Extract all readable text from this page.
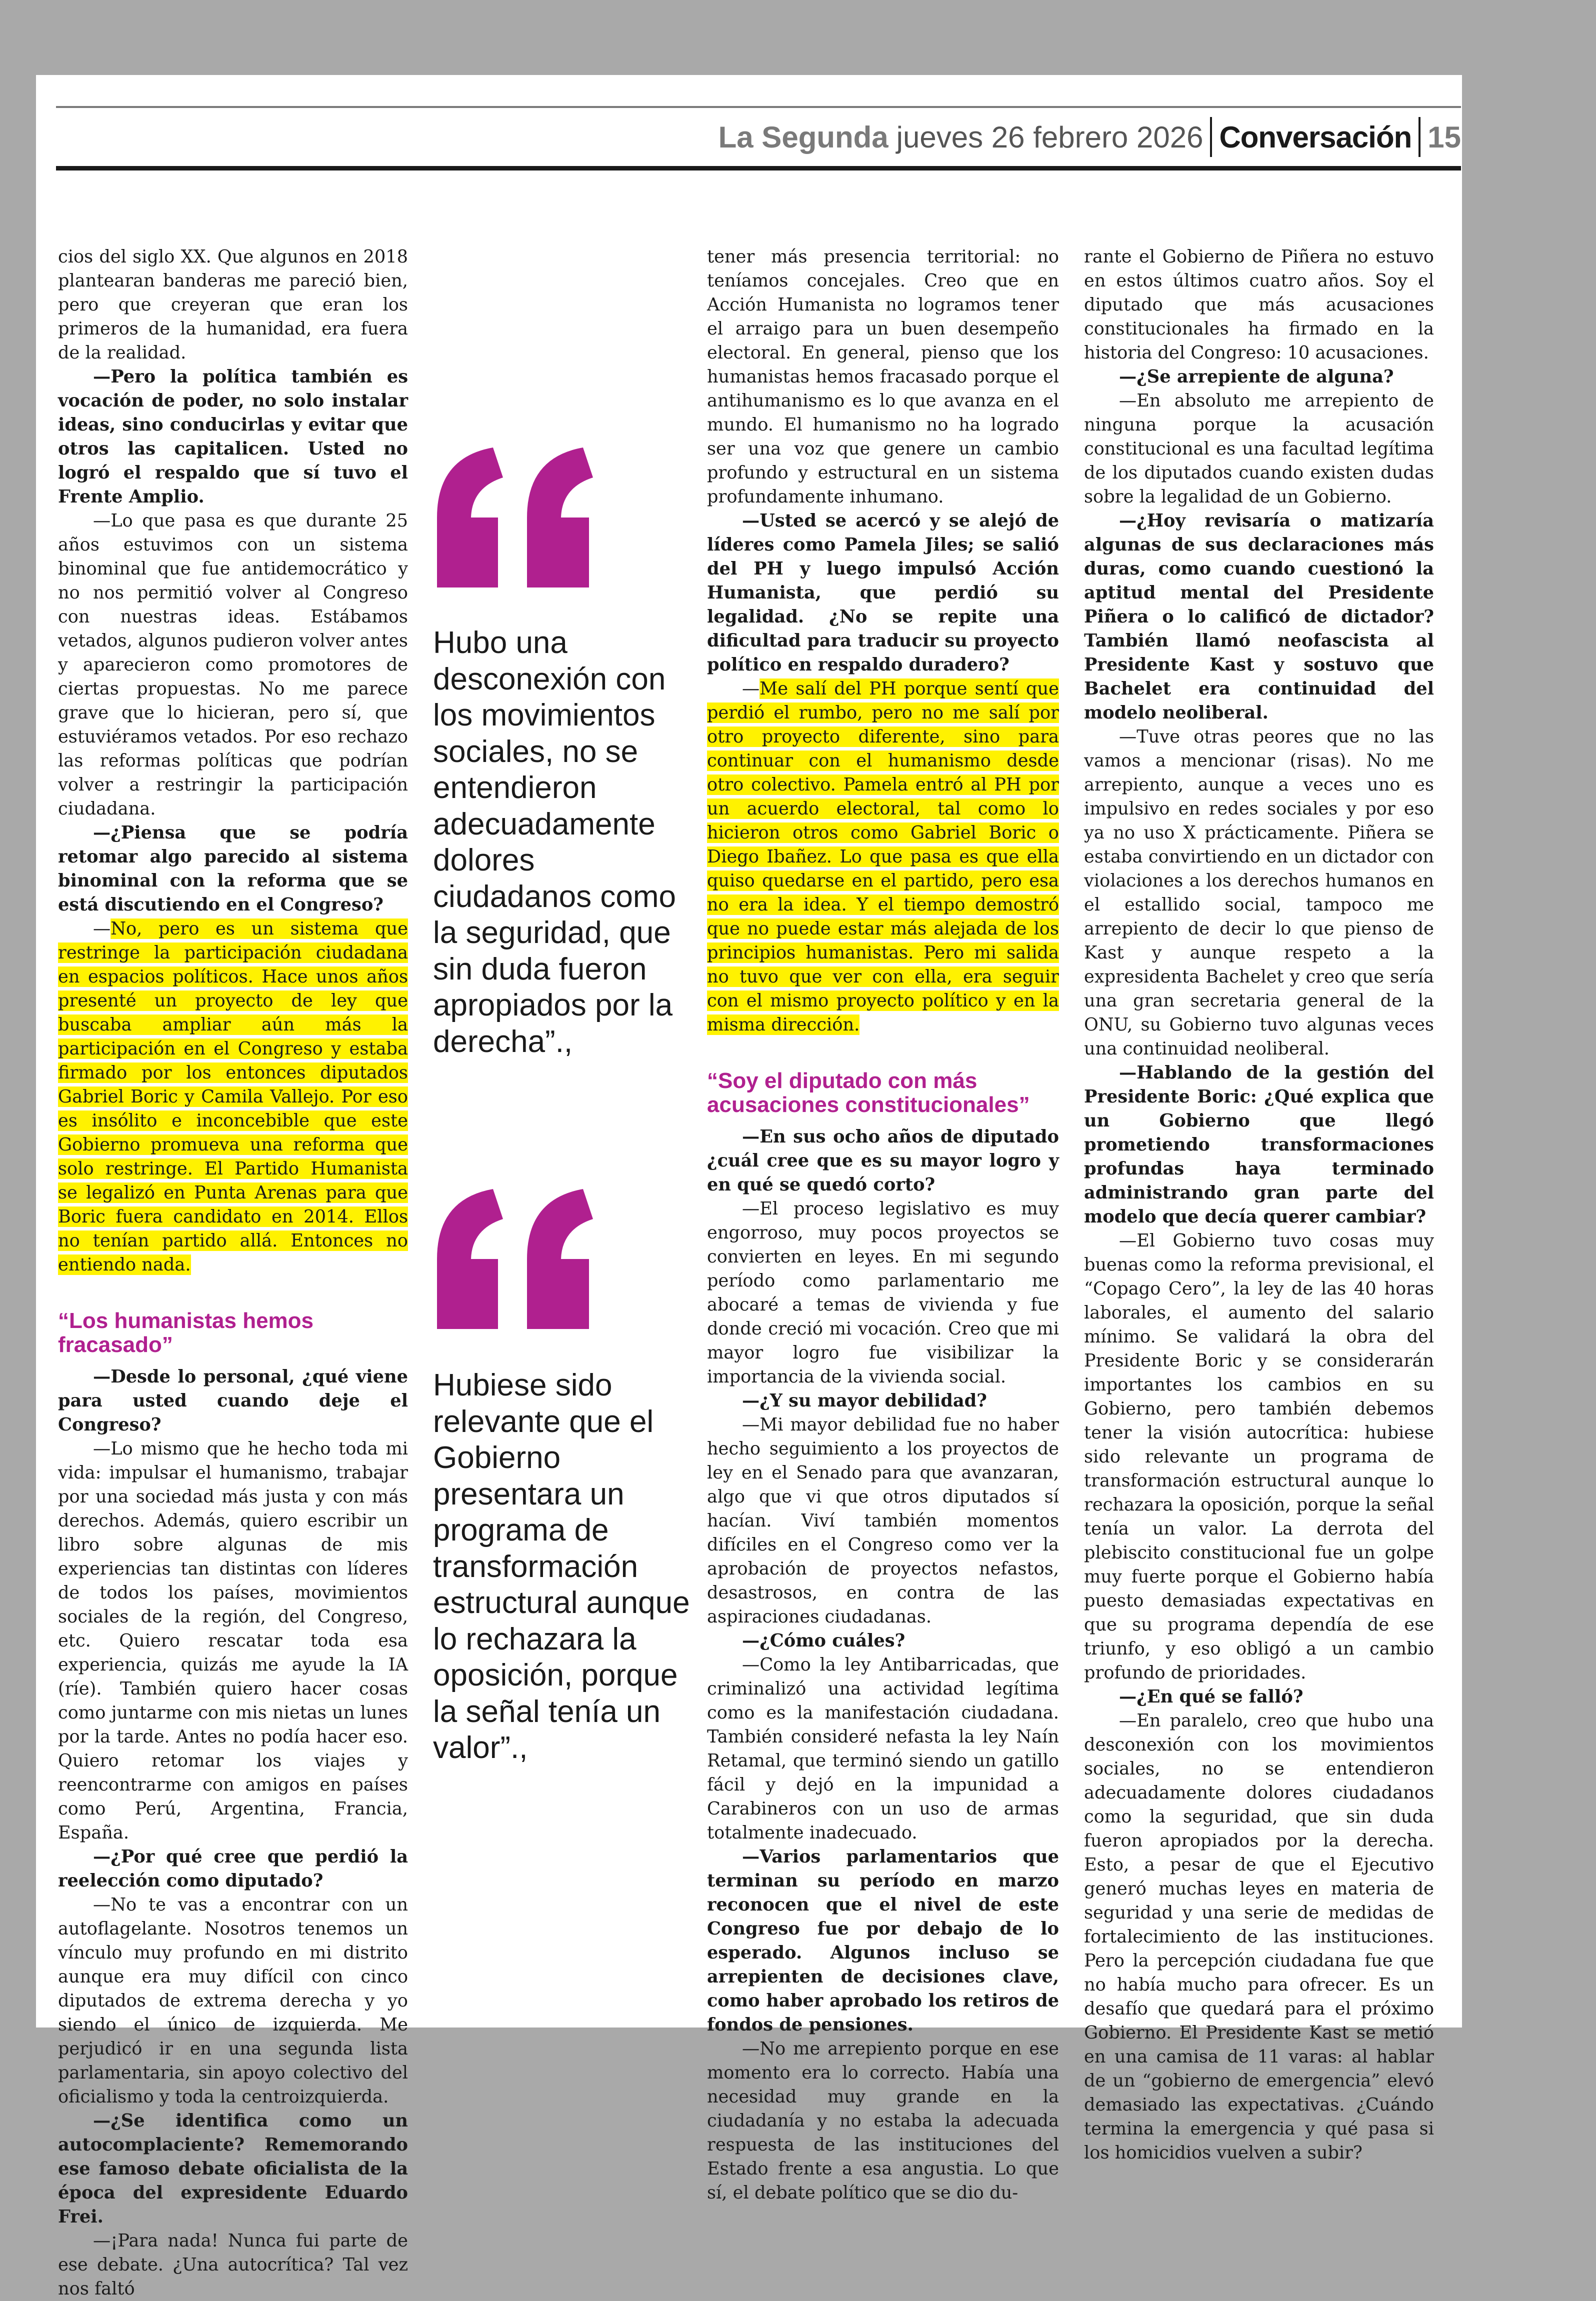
La Segunda jueves 26 febrero 2026 Conversación 15

cios del siglo XX. Que algunos en 2018 plantearan banderas me pareció bien, pero que creyeran que eran los primeros de la humanidad, era fuera de la realidad.

—Pero la política también es vocación de poder, no solo instalar ideas, sino conducirlas y evitar que otros las capitalicen. Usted no logró el respaldo que sí tuvo el Frente Amplio.

—Lo que pasa es que durante 25 años estuvimos con un sistema binominal que fue antidemocrático y no nos permitió volver al Congreso con nuestras ideas. Estábamos vetados, algunos pudieron volver antes y aparecieron como promotores de ciertas propuestas. No me parece grave que lo hicieran, pero sí, que estuviéramos vetados. Por eso rechazo las reformas políticas que podrían volver a restringir la participación ciudadana.

—¿Piensa que se podría retomar algo parecido al sistema binominal con la reforma que se está discutiendo en el Congreso?

—No, pero es un sistema que restringe la participación ciudadana en espacios políticos. Hace unos años presenté un proyecto de ley que buscaba ampliar aún más la participación en el Congreso y estaba firmado por los entonces diputados Gabriel Boric y Camila Vallejo. Por eso es insólito e inconcebible que este Gobierno promueva una reforma que solo restringe. El Partido Humanista se legalizó en Punta Arenas para que Boric fuera candidato en 2014. Ellos no tenían partido allá. Entonces no entiendo nada.

“Los humanistas hemos fracasado”

—Desde lo personal, ¿qué viene para usted cuando deje el Congreso?

—Lo mismo que he hecho toda mi vida: impulsar el humanismo, trabajar por una sociedad más justa y con más derechos. Además, quiero escribir un libro sobre algunas de mis experiencias tan distintas con líderes de todos los países, movimientos sociales de la región, del Congreso, etc. Quiero rescatar toda esa experiencia, quizás me ayude la IA (ríe). También quiero hacer cosas como juntarme con mis nietas un lunes por la tarde. Antes no podía hacer eso. Quiero retomar los viajes y reencontrarme con amigos en países como Perú, Argentina, Francia, España.

—¿Por qué cree que perdió la reelección como diputado?

—No te vas a encontrar con un autoflagelante. Nosotros tenemos un vínculo muy profundo en mi distrito aunque era muy difícil con cinco diputados de extrema derecha y yo siendo el único de izquierda. Me perjudicó ir en una segunda lista parlamentaria, sin apoyo colectivo del oficialismo y toda la centroizquierda.

—¿Se identifica como un autocomplaciente? Rememorando ese famoso debate oficialista de la época del expresidente Eduardo Frei.

—¡Para nada! Nunca fui parte de ese debate. ¿Una autocrítica? Tal vez nos faltó

Hubo una desconexión con los movimientos sociales, no se entendieron adecuadamente dolores ciudadanos como la seguridad, que sin duda fueron apropiados por la derecha”.,
Hubiese sido relevante que el Gobierno presentara un programa de transformación estructural aunque lo rechazara la oposición, porque la señal tenía un valor”.,

tener más presencia territorial: no teníamos concejales. Creo que en Acción Humanista no logramos tener el arraigo para un buen desempeño electoral. En general, pienso que los humanistas hemos fracasado porque el antihumanismo es lo que avanza en el mundo. El humanismo no ha logrado ser una voz que genere un cambio profundo y estructural en un sistema profundamente inhumano.

—Usted se acercó y se alejó de líderes como Pamela Jiles; se salió del PH y luego impulsó Acción Humanista, que perdió su legalidad. ¿No se repite una dificultad para traducir su proyecto político en respaldo duradero?

—Me salí del PH porque sentí que perdió el rumbo, pero no me salí por otro proyecto diferente, sino para continuar con el humanismo desde otro colectivo. Pamela entró al PH por un acuerdo electoral, tal como lo hicieron otros como Gabriel Boric o Diego Ibañez. Lo que pasa es que ella quiso quedarse en el partido, pero esa no era la idea. Y el tiempo demostró que no puede estar más alejada de los principios humanistas. Pero mi salida no tuvo que ver con ella, era seguir con el mismo proyecto político y en la misma dirección.

“Soy el diputado con más acusaciones constitucionales”

—En sus ocho años de diputado ¿cuál cree que es su mayor logro y en qué se quedó corto?

—El proceso legislativo es muy engorroso, muy pocos proyectos se convierten en leyes. En mi segundo período como parlamentario me abocaré a temas de vivienda y fue donde creció mi vocación. Creo que mi mayor logro fue visibilizar la importancia de la vivienda social.

—¿Y su mayor debilidad?

—Mi mayor debilidad fue no haber hecho seguimiento a los proyectos de ley en el Senado para que avanzaran, algo que vi que otros diputados sí hacían. Viví también momentos difíciles en el Congreso como ver la aprobación de proyectos nefastos, desastrosos, en contra de las aspiraciones ciudadanas.

—¿Cómo cuáles?

—Como la ley Antibarricadas, que criminalizó una actividad legítima como es la manifestación ciudadana. También consideré nefasta la ley Naín Retamal, que terminó siendo un gatillo fácil y dejó en la impunidad a Carabineros con un uso de armas totalmente inadecuado.

—Varios parlamentarios que terminan su período en marzo reconocen que el nivel de este Congreso fue por debajo de lo esperado. Algunos incluso se arrepienten de decisiones clave, como haber aprobado los retiros de fondos de pensiones.

—No me arrepiento porque en ese momento era lo correcto. Había una necesidad muy grande en la ciudadanía y no estaba la adecuada respuesta de las instituciones del Estado frente a esa angustia. Lo que sí, el debate político que se dio du-

rante el Gobierno de Piñera no estuvo en estos últimos cuatro años. Soy el diputado que más acusaciones constitucionales ha firmado en la historia del Congreso: 10 acusaciones.

—¿Se arrepiente de alguna?

—En absoluto me arrepiento de ninguna porque la acusación constitucional es una facultad legítima de los diputados cuando existen dudas sobre la legalidad de un Gobierno.

—¿Hoy revisaría o matizaría algunas de sus declaraciones más duras, como cuando cuestionó la aptitud mental del Presidente Piñera o lo calificó de dictador? También llamó neofascista al Presidente Kast y sostuvo que Bachelet era continuidad del modelo neoliberal.

—Tuve otras peores que no las vamos a mencionar (risas). No me arrepiento, aunque a veces uno es impulsivo en redes sociales y por eso ya no uso X prácticamente. Piñera se estaba convirtiendo en un dictador con violaciones a los derechos humanos en el estallido social, tampoco me arrepiento de decir lo que pienso de Kast y aunque respeto a la expresidenta Bachelet y creo que sería una gran secretaria general de la ONU, su Gobierno tuvo algunas veces una continuidad neoliberal.

—Hablando de la gestión del Presidente Boric: ¿Qué explica que un Gobierno que llegó prometiendo transformaciones profundas haya terminado administrando gran parte del modelo que decía querer cambiar?

—El Gobierno tuvo cosas muy buenas como la reforma previsional, el “Copago Cero”, la ley de las 40 horas laborales, el aumento del salario mínimo. Se validará la obra del Presidente Boric y se considerarán importantes los cambios en su Gobierno, pero también debemos tener la visión autocrítica: hubiese sido relevante un programa de transformación estructural aunque lo rechazara la oposición, porque la señal tenía un valor. La derrota del plebiscito constitucional fue un golpe muy fuerte porque el Gobierno había puesto demasiadas expectativas en que su programa dependía de ese triunfo, y eso obligó a un cambio profundo de prioridades.

—¿En qué se falló?

—En paralelo, creo que hubo una desconexión con los movimientos sociales, no se entendieron adecuadamente dolores ciudadanos como la seguridad, que sin duda fueron apropiados por la derecha. Esto, a pesar de que el Ejecutivo generó muchas leyes en materia de seguridad y una serie de medidas de fortalecimiento de las instituciones. Pero la percepción ciudadana fue que no había mucho para ofrecer. Es un desafío que quedará para el próximo Gobierno. El Presidente Kast se metió en una camisa de 11 varas: al hablar de un “gobierno de emergencia” elevó demasiado las expectativas. ¿Cuándo termina la emergencia y qué pasa si los homicidios vuelven a subir?
